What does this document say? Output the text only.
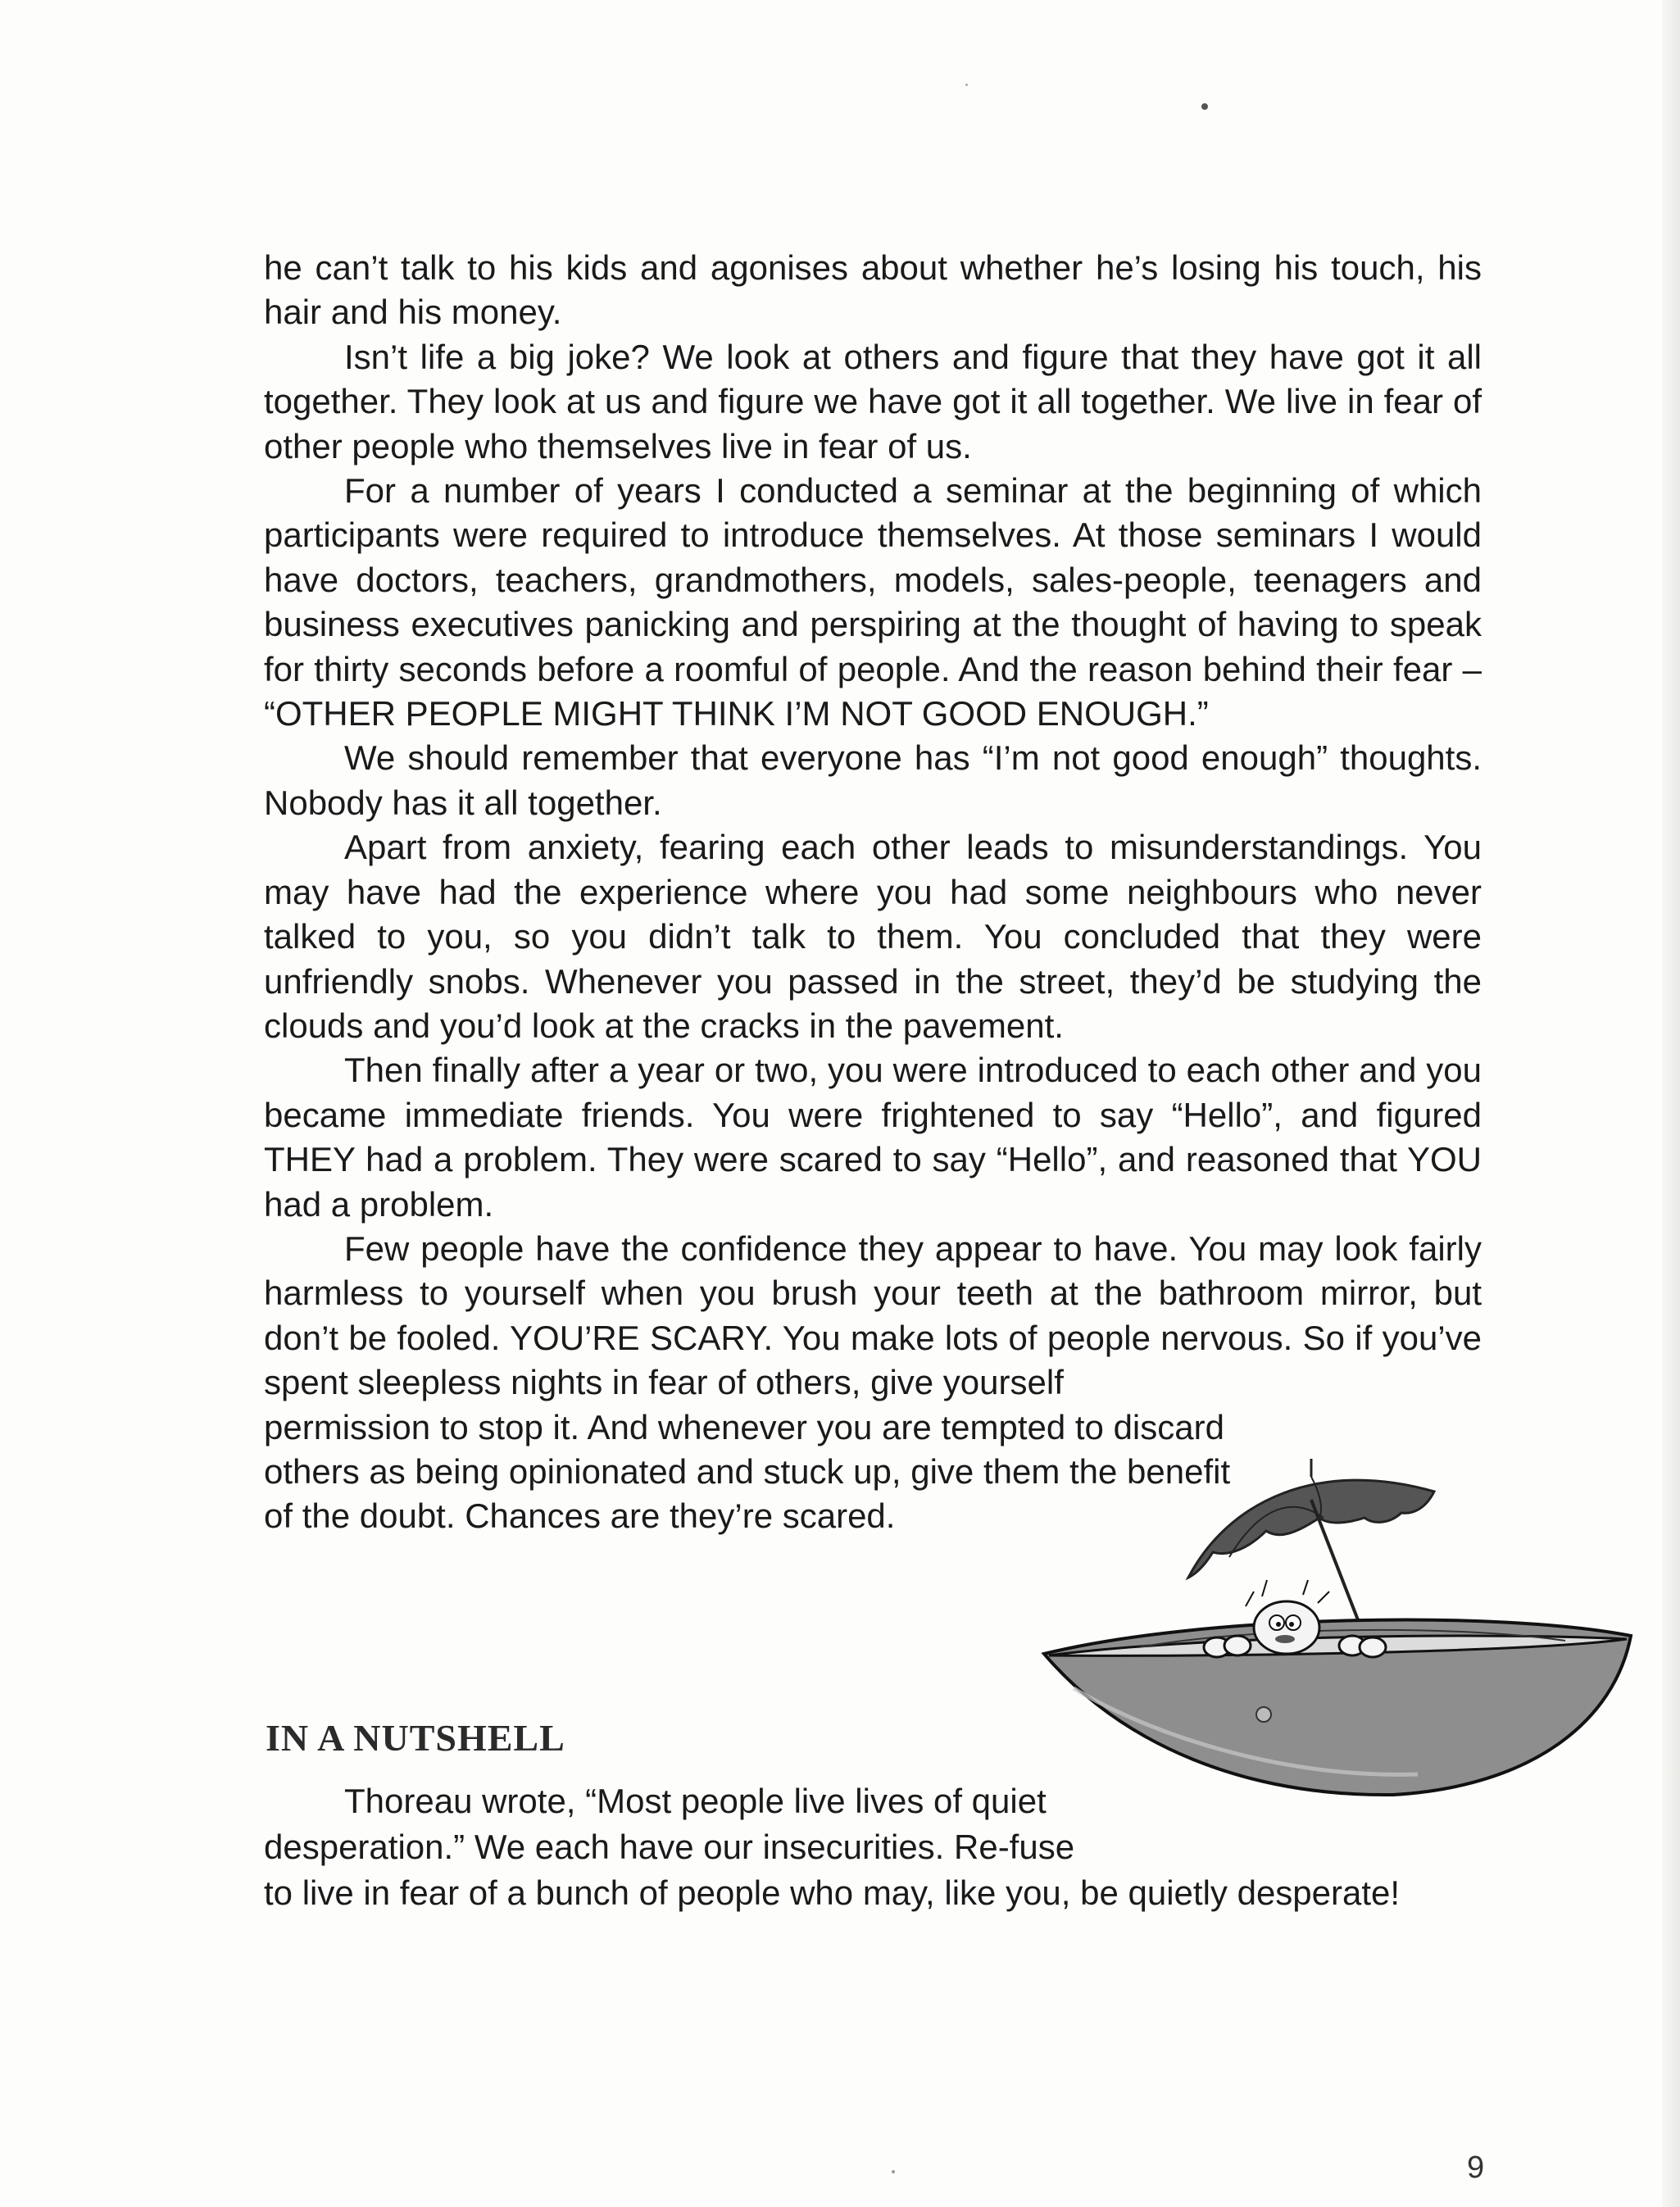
he can’t talk to his kids and agonises about whether he’s losing his touch, his hair and his money.

Isn’t life a big joke? We look at others and figure that they have got it all together. They look at us and figure we have got it all together. We live in fear of other people who themselves live in fear of us.

For a number of years I conducted a seminar at the beginning of which participants were required to introduce themselves. At those seminars I would have doctors, teachers, grandmothers, models, sales-people, teenagers and business executives panicking and perspiring at the thought of having to speak for thirty seconds before a roomful of people. And the reason behind their fear – “OTHER PEOPLE MIGHT THINK I’M NOT GOOD ENOUGH.”

We should remember that everyone has “I’m not good enough” thoughts. Nobody has it all together.

Apart from anxiety, fearing each other leads to misunderstandings. You may have had the experience where you had some neighbours who never talked to you, so you didn’t talk to them. You concluded that they were unfriendly snobs. Whenever you passed in the street, they’d be studying the clouds and you’d look at the cracks in the pavement.

Then finally after a year or two, you were introduced to each other and you became immediate friends. You were frightened to say “Hello”, and figured THEY had a problem. They were scared to say “Hello”, and reasoned that YOU had a problem.

Few people have the confidence they appear to have. You may look fairly harmless to yourself when you brush your teeth at the bathroom mirror, but don’t be fooled. YOU’RE SCARY. You make lots of people nervous. So if you’ve spent sleepless nights in fear of others, give yourself

permission to stop it. And whenever you are tempted to discard others as being opinionated and stuck up, give them the benefit of the doubt. Chances are they’re scared.

IN A NUTSHELL

Thoreau wrote, “Most people live lives of quiet desperation.” We each have our insecurities. Re-fuse to live in fear of a bunch of people who may, like you, be quietly desperate!

9
